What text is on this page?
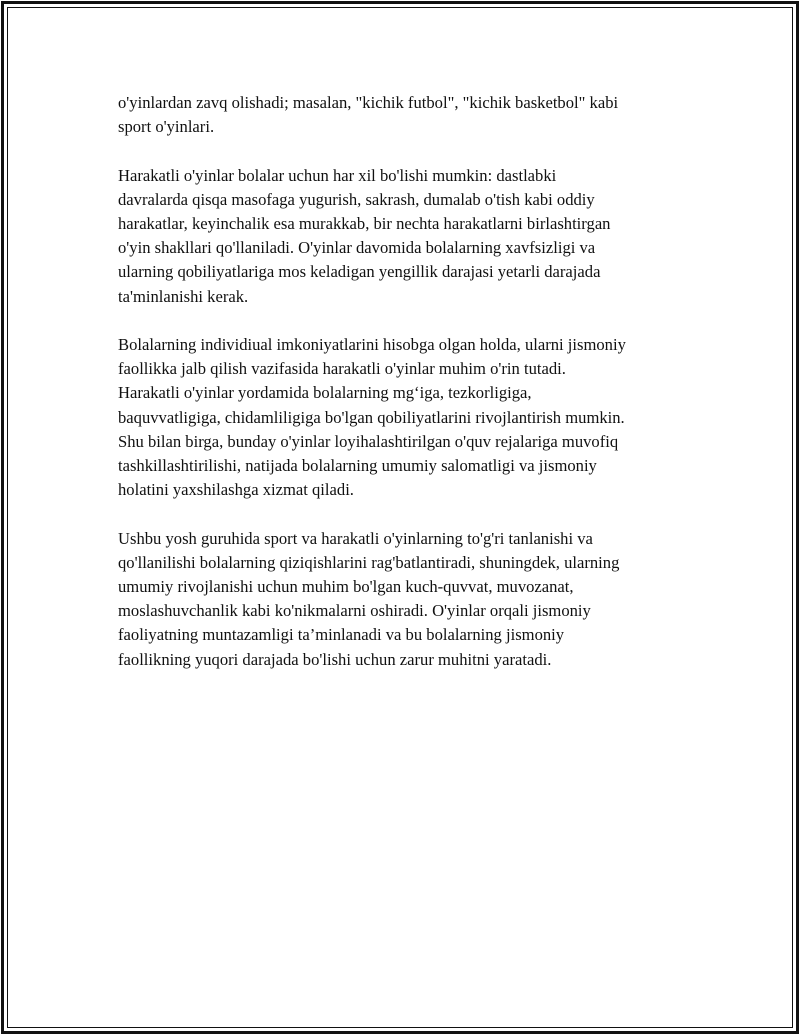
o'yinlardan zavq olishadi; masalan, "kichik futbol", "kichik basketbol" kabi
sport o'yinlari.

Harakatli o'yinlar bolalar uchun har xil bo'lishi mumkin: dastlabki
davralarda qisqa masofaga yugurish, sakrash, dumalab o'tish kabi oddiy
harakatlar, keyinchalik esa murakkab, bir nechta harakatlarni birlashtirgan
o'yin shakllari qo'llaniladi. O'yinlar davomida bolalarning xavfsizligi va
ularning qobiliyatlariga mos keladigan yengillik darajasi yetarli darajada
ta'minlanishi kerak.

Bolalarning individiual imkoniyatlarini hisobga olgan holda, ularni jismoniy
faollikka jalb qilish vazifasida harakatli o'yinlar muhim o'rin tutadi.
Harakatli o'yinlar yordamida bolalarning mg‘iga, tezkorligiga,
baquvvatligiga, chidamliligiga bo'lgan qobiliyatlarini rivojlantirish mumkin.
Shu bilan birga, bunday o'yinlar loyihalashtirilgan o'quv rejalariga muvofiq
tashkillashtirilishi, natijada bolalarning umumiy salomatligi va jismoniy
holatini yaxshilashga xizmat qiladi.

Ushbu yosh guruhida sport va harakatli o'yinlarning to'g'ri tanlanishi va
qo'llanilishi bolalarning qiziqishlarini rag'batlantiradi, shuningdek, ularning
umumiy rivojlanishi uchun muhim bo'lgan kuch-quvvat, muvozanat,
moslashuvchanlik kabi ko'nikmalarni oshiradi. O'yinlar orqali jismoniy
faoliyatning muntazamligi ta’minlanadi va bu bolalarning jismoniy
faollikning yuqori darajada bo'lishi uchun zarur muhitni yaratadi.
